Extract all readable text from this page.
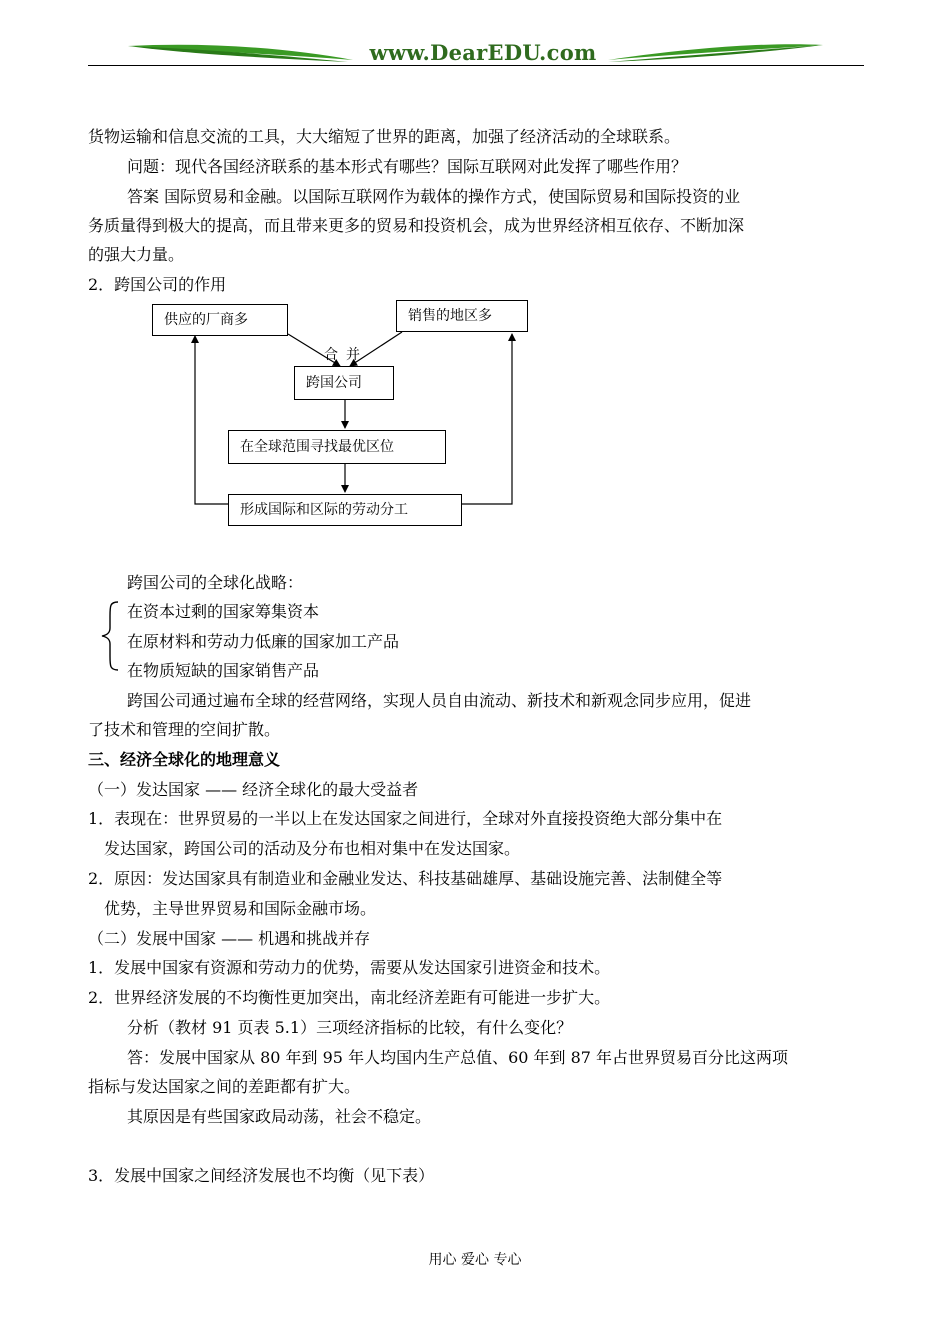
www.DearEDU.com
货物运输和信息交流的工具，大大缩短了世界的距离，加强了经济活动的全球联系。
问题：现代各国经济联系的基本形式有哪些？国际互联网对此发挥了哪些作用？
答案 国际贸易和金融。以国际互联网作为载体的操作方式，使国际贸易和国际投资的业
务质量得到极大的提高，而且带来更多的贸易和投资机会，成为世界经济相互依存、不断加深
的强大力量。
2．跨国公司的作用
供应的厂商多	销售的地区多
合并
跨国公司
在全球范围寻找最优区位
形成国际和区际的劳动分工
跨国公司的全球化战略：
在资本过剩的国家筹集资本
在原材料和劳动力低廉的国家加工产品
在物质短缺的国家销售产品
跨国公司通过遍布全球的经营网络，实现人员自由流动、新技术和新观念同步应用，促进
了技术和管理的空间扩散。
三、经济全球化的地理意义
（一）发达国家 —— 经济全球化的最大受益者
1．表现在：世界贸易的一半以上在发达国家之间进行，全球对外直接投资绝大部分集中在
发达国家，跨国公司的活动及分布也相对集中在发达国家。
2．原因：发达国家具有制造业和金融业发达、科技基础雄厚、基础设施完善、法制健全等
优势，主导世界贸易和国际金融市场。
（二）发展中国家 —— 机遇和挑战并存
1．发展中国家有资源和劳动力的优势，需要从发达国家引进资金和技术。
2．世界经济发展的不均衡性更加突出，南北经济差距有可能进一步扩大。
分析（教材 91 页表 5.1）三项经济指标的比较，有什么变化？
答：发展中国家从 80 年到 95 年人均国内生产总值、60 年到 87 年占世界贸易百分比这两项
指标与发达国家之间的差距都有扩大。
其原因是有些国家政局动荡，社会不稳定。
3．发展中国家之间经济发展也不均衡（见下表）
用心 爱心 专心
